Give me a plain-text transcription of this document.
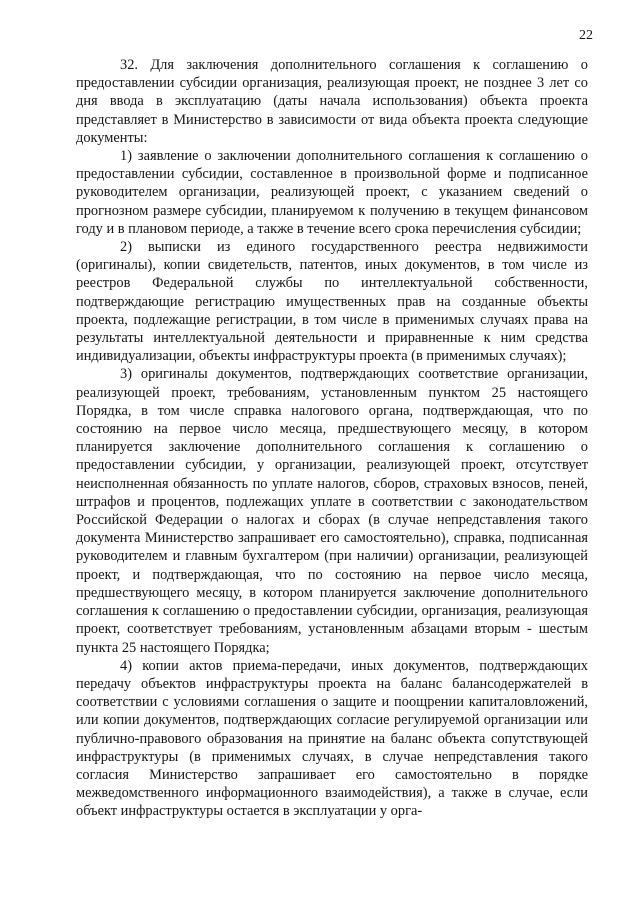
22

32. Для заключения дополнительного соглашения к соглашению о предоставлении субсидии организация, реализующая проект, не позднее 3 лет со дня ввода в эксплуатацию (даты начала использования) объекта проекта представляет в Министерство в зависимости от вида объекта проекта следующие документы:

1) заявление о заключении дополнительного соглашения к соглашению о предоставлении субсидии, составленное в произвольной форме и подписанное руководителем организации, реализующей проект, с указанием сведений о прогнозном размере субсидии, планируемом к получению в текущем финансовом году и в плановом периоде, а также в течение всего срока перечисления субсидии;

2) выписки из единого государственного реестра недвижимости (оригиналы), копии свидетельств, патентов, иных документов, в том числе из реестров Федеральной службы по интеллектуальной собственности, подтверждающие регистрацию имущественных прав на созданные объекты проекта, подлежащие регистрации, в том числе в применимых случаях права на результаты интеллектуальной деятельности и приравненные к ним средства индивидуализации, объекты инфраструктуры проекта (в применимых случаях);

3) оригиналы документов, подтверждающих соответствие организации, реализующей проект, требованиям, установленным пунктом 25 настоящего Порядка, в том числе справка налогового органа, подтверждающая, что по состоянию на первое число месяца, предшествующего месяцу, в котором планируется заключение дополнительного соглашения к соглашению о предоставлении субсидии, у организации, реализующей проект, отсутствует неисполненная обязанность по уплате налогов, сборов, страховых взносов, пеней, штрафов и процентов, подлежащих уплате в соответствии с законодательством Российской Федерации о налогах и сборах (в случае непредставления такого документа Министерство запрашивает его самостоятельно), справка, подписанная руководителем и главным бухгалтером (при наличии) организации, реализующей проект, и подтверждающая, что по состоянию на первое число месяца, предшествующего месяцу, в котором планируется заключение дополнительного соглашения к соглашению о предоставлении субсидии, организация, реализующая проект, соответствует требованиям, установленным абзацами вторым - шестым пункта 25 настоящего Порядка;

4) копии актов приема-передачи, иных документов, подтверждающих передачу объектов инфраструктуры проекта на баланс балансодержателей в соответствии с условиями соглашения о защите и поощрении капиталовложений, или копии документов, подтверждающих согласие регулируемой организации или публично-правового образования на принятие на баланс объекта сопутствующей инфраструктуры (в применимых случаях, в случае непредставления такого согласия Министерство запрашивает его самостоятельно в порядке межведомственного информационного взаимодействия), а также в случае, если объект инфраструктуры остается в эксплуатации у орга-
